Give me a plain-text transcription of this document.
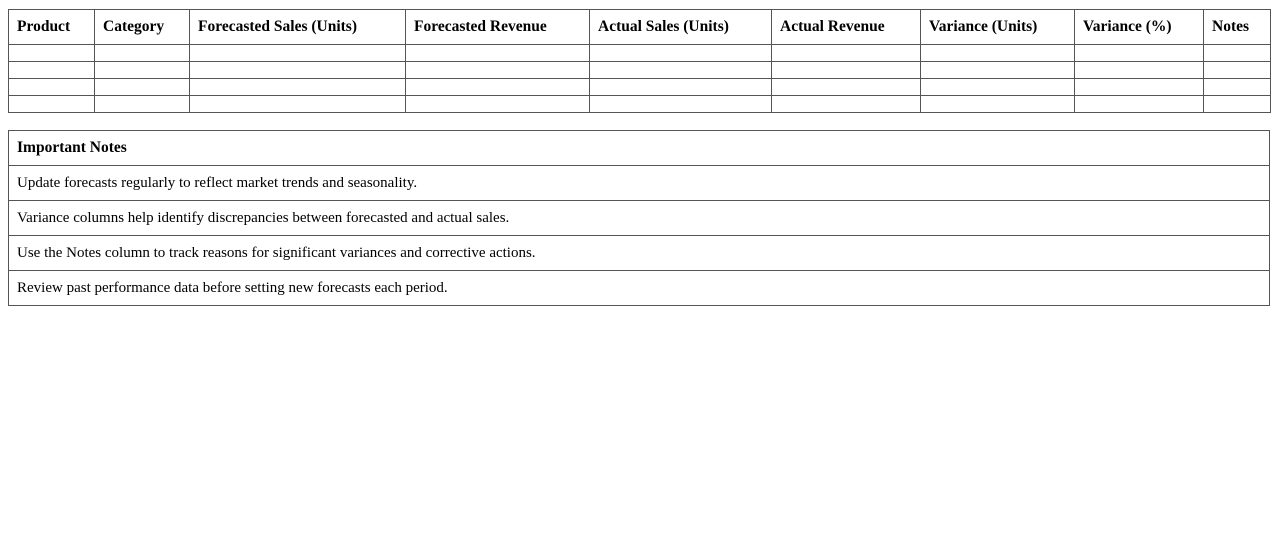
Product	Category	Forecasted Sales (Units)	Forecasted Revenue	Actual Sales (Units)	Actual Revenue	Variance (Units)	Variance (%)	Notes

Important Notes
Update forecasts regularly to reflect market trends and seasonality.
Variance columns help identify discrepancies between forecasted and actual sales.
Use the Notes column to track reasons for significant variances and corrective actions.
Review past performance data before setting new forecasts each period.
